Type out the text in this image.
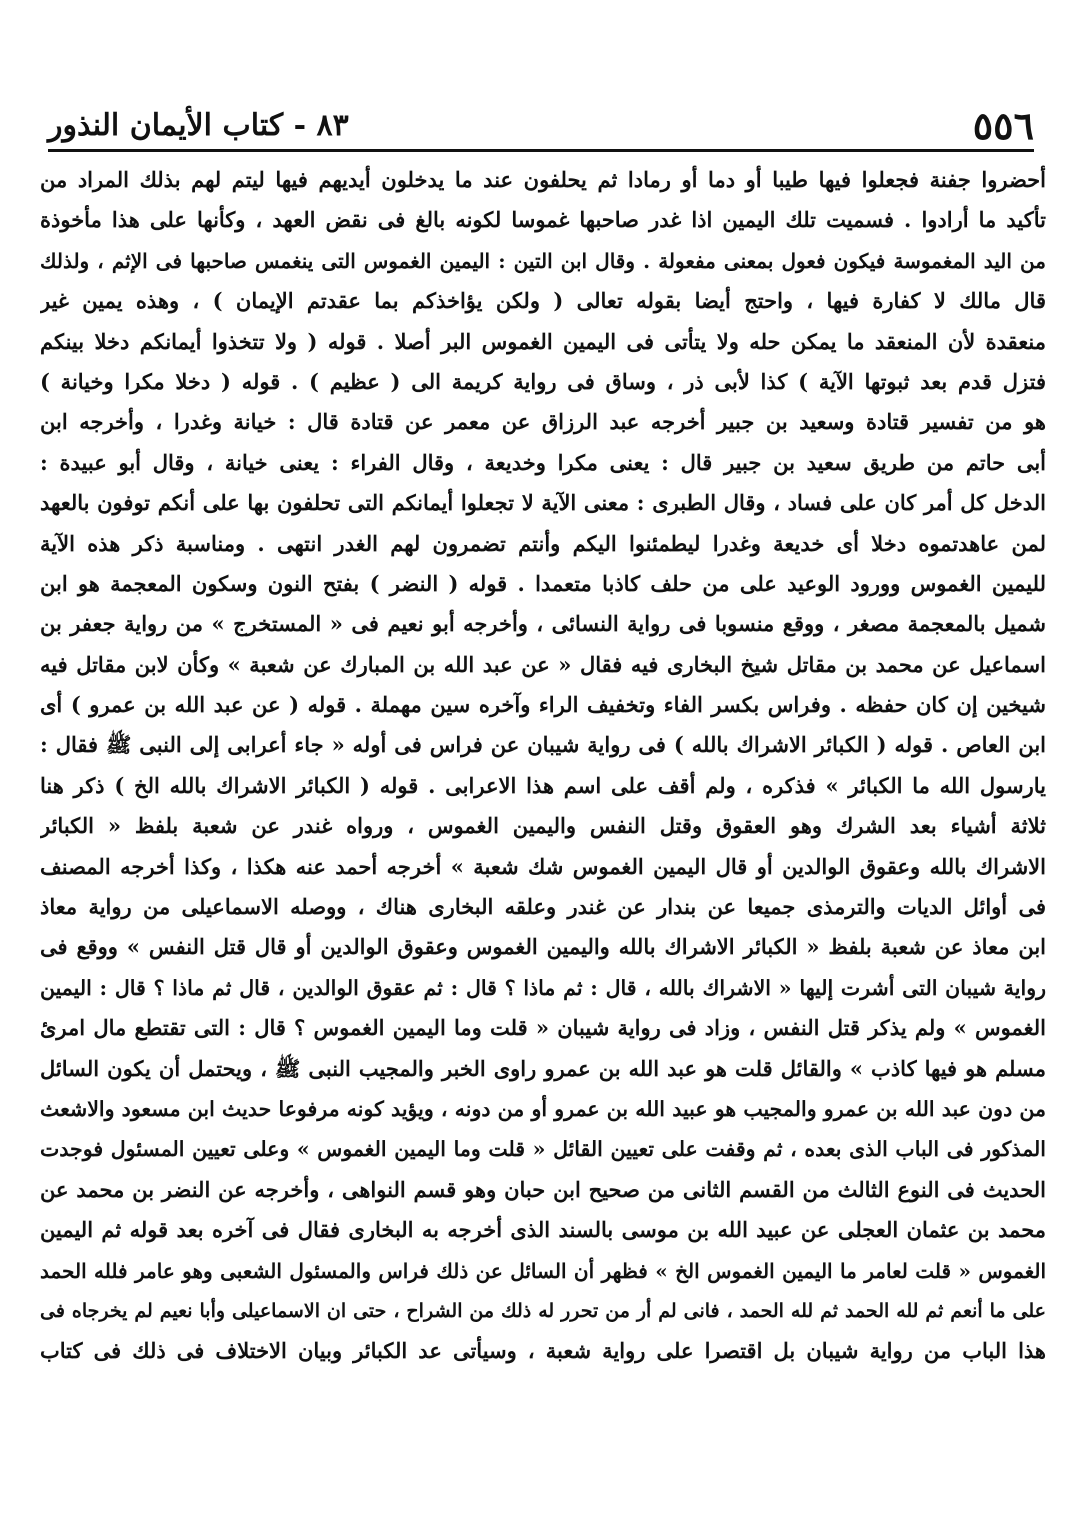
٥٥٦
٨٣ - كتاب الأيمان النذور
أحضروا جفنة فجعلوا فيها طيبا أو دما أو رمادا ثم يحلفون عند ما يدخلون أيديهم فيها ليتم لهم بذلك المراد من
تأكيد ما أرادوا . فسميت تلك اليمين اذا غدر صاحبها غموسا لكونه بالغ فى نقض العهد ، وكأنها على هذا مأخوذة
من اليد المغموسة فيكون فعول بمعنى مفعولة . وقال ابن التين : اليمين الغموس التى ينغمس صاحبها فى الإثم ، ولذلك
قال مالك لا كفارة فيها ، واحتج أيضا بقوله تعالى ( ولكن يؤاخذكم بما عقدتم الإيمان ) ، وهذه يمين غير
منعقدة لأن المنعقد ما يمكن حله ولا يتأتى فى اليمين الغموس البر أصلا . قوله ( ولا تتخذوا أيمانكم دخلا بينكم
فتزل قدم بعد ثبوتها الآية ) كذا لأبى ذر ، وساق فى رواية كريمة الى ( عظيم ) . قوله ( دخلا مكرا وخيانة )
هو من تفسير قتادة وسعيد بن جبير أخرجه عبد الرزاق عن معمر عن قتادة قال : خيانة وغدرا ، وأخرجه ابن
أبى حاتم من طريق سعيد بن جبير قال : يعنى مكرا وخديعة ، وقال الفراء : يعنى خيانة ، وقال أبو عبيدة :
الدخل كل أمر كان على فساد ، وقال الطبرى : معنى الآية لا تجعلوا أيمانكم التى تحلفون بها على أنكم توفون بالعهد
لمن عاهدتموه دخلا أى خديعة وغدرا ليطمئنوا اليكم وأنتم تضمرون لهم الغدر انتهى . ومناسبة ذكر هذه الآية
لليمين الغموس وورود الوعيد على من حلف كاذبا متعمدا . قوله ( النضر ) بفتح النون وسكون المعجمة هو ابن
شميل بالمعجمة مصغر ، ووقع منسوبا فى رواية النسائى ، وأخرجه أبو نعيم فى « المستخرج » من رواية جعفر بن
اسماعيل عن محمد بن مقاتل شيخ البخارى فيه فقال « عن عبد الله بن المبارك عن شعبة » وكأن لابن مقاتل فيه
شيخين إن كان حفظه . وفراس بكسر الفاء وتخفيف الراء وآخره سين مهملة . قوله ( عن عبد الله بن عمرو ) أى
ابن العاص . قوله ( الكبائر الاشراك بالله ) فى رواية شيبان عن فراس فى أوله « جاء أعرابى إلى النبى ﷺ فقال :
يارسول الله ما الكبائر » فذكره ، ولم أقف على اسم هذا الاعرابى . قوله ( الكبائر الاشراك بالله الخ ) ذكر هنا
ثلاثة أشياء بعد الشرك وهو العقوق وقتل النفس واليمين الغموس ، ورواه غندر عن شعبة بلفظ « الكبائر
الاشراك بالله وعقوق الوالدين أو قال اليمين الغموس شك شعبة » أخرجه أحمد عنه هكذا ، وكذا أخرجه المصنف
فى أوائل الديات والترمذى جميعا عن بندار عن غندر وعلقه البخارى هناك ، ووصله الاسماعيلى من رواية معاذ
ابن معاذ عن شعبة بلفظ « الكبائر الاشراك بالله واليمين الغموس وعقوق الوالدين أو قال قتل النفس » ووقع فى
رواية شيبان التى أشرت إليها « الاشراك بالله ، قال : ثم ماذا ؟ قال : ثم عقوق الوالدين ، قال ثم ماذا ؟ قال : اليمين
الغموس » ولم يذكر قتل النفس ، وزاد فى رواية شيبان « قلت وما اليمين الغموس ؟ قال : التى تقتطع مال امرئ
مسلم هو فيها كاذب » والقائل قلت هو عبد الله بن عمرو راوى الخبر والمجيب النبى ﷺ ، ويحتمل أن يكون السائل
من دون عبد الله بن عمرو والمجيب هو عبيد الله بن عمرو أو من دونه ، ويؤيد كونه مرفوعا حديث ابن مسعود والاشعث
المذكور فى الباب الذى بعده ، ثم وقفت على تعيين القائل « قلت وما اليمين الغموس » وعلى تعيين المسئول فوجدت
الحديث فى النوع الثالث من القسم الثانى من صحيح ابن حبان وهو قسم النواهى ، وأخرجه عن النضر بن محمد عن
محمد بن عثمان العجلى عن عبيد الله بن موسى بالسند الذى أخرجه به البخارى فقال فى آخره بعد قوله ثم اليمين
الغموس « قلت لعامر ما اليمين الغموس الخ » فظهر أن السائل عن ذلك فراس والمسئول الشعبى وهو عامر فلله الحمد
على ما أنعم ثم لله الحمد ثم لله الحمد ، فانى لم أر من تحرر له ذلك من الشراح ، حتى ان الاسماعيلى وأبا نعيم لم يخرجاه فى
هذا الباب من رواية شيبان بل اقتصرا على رواية شعبة ، وسيأتى عد الكبائر وبيان الاختلاف فى ذلك فى كتاب
